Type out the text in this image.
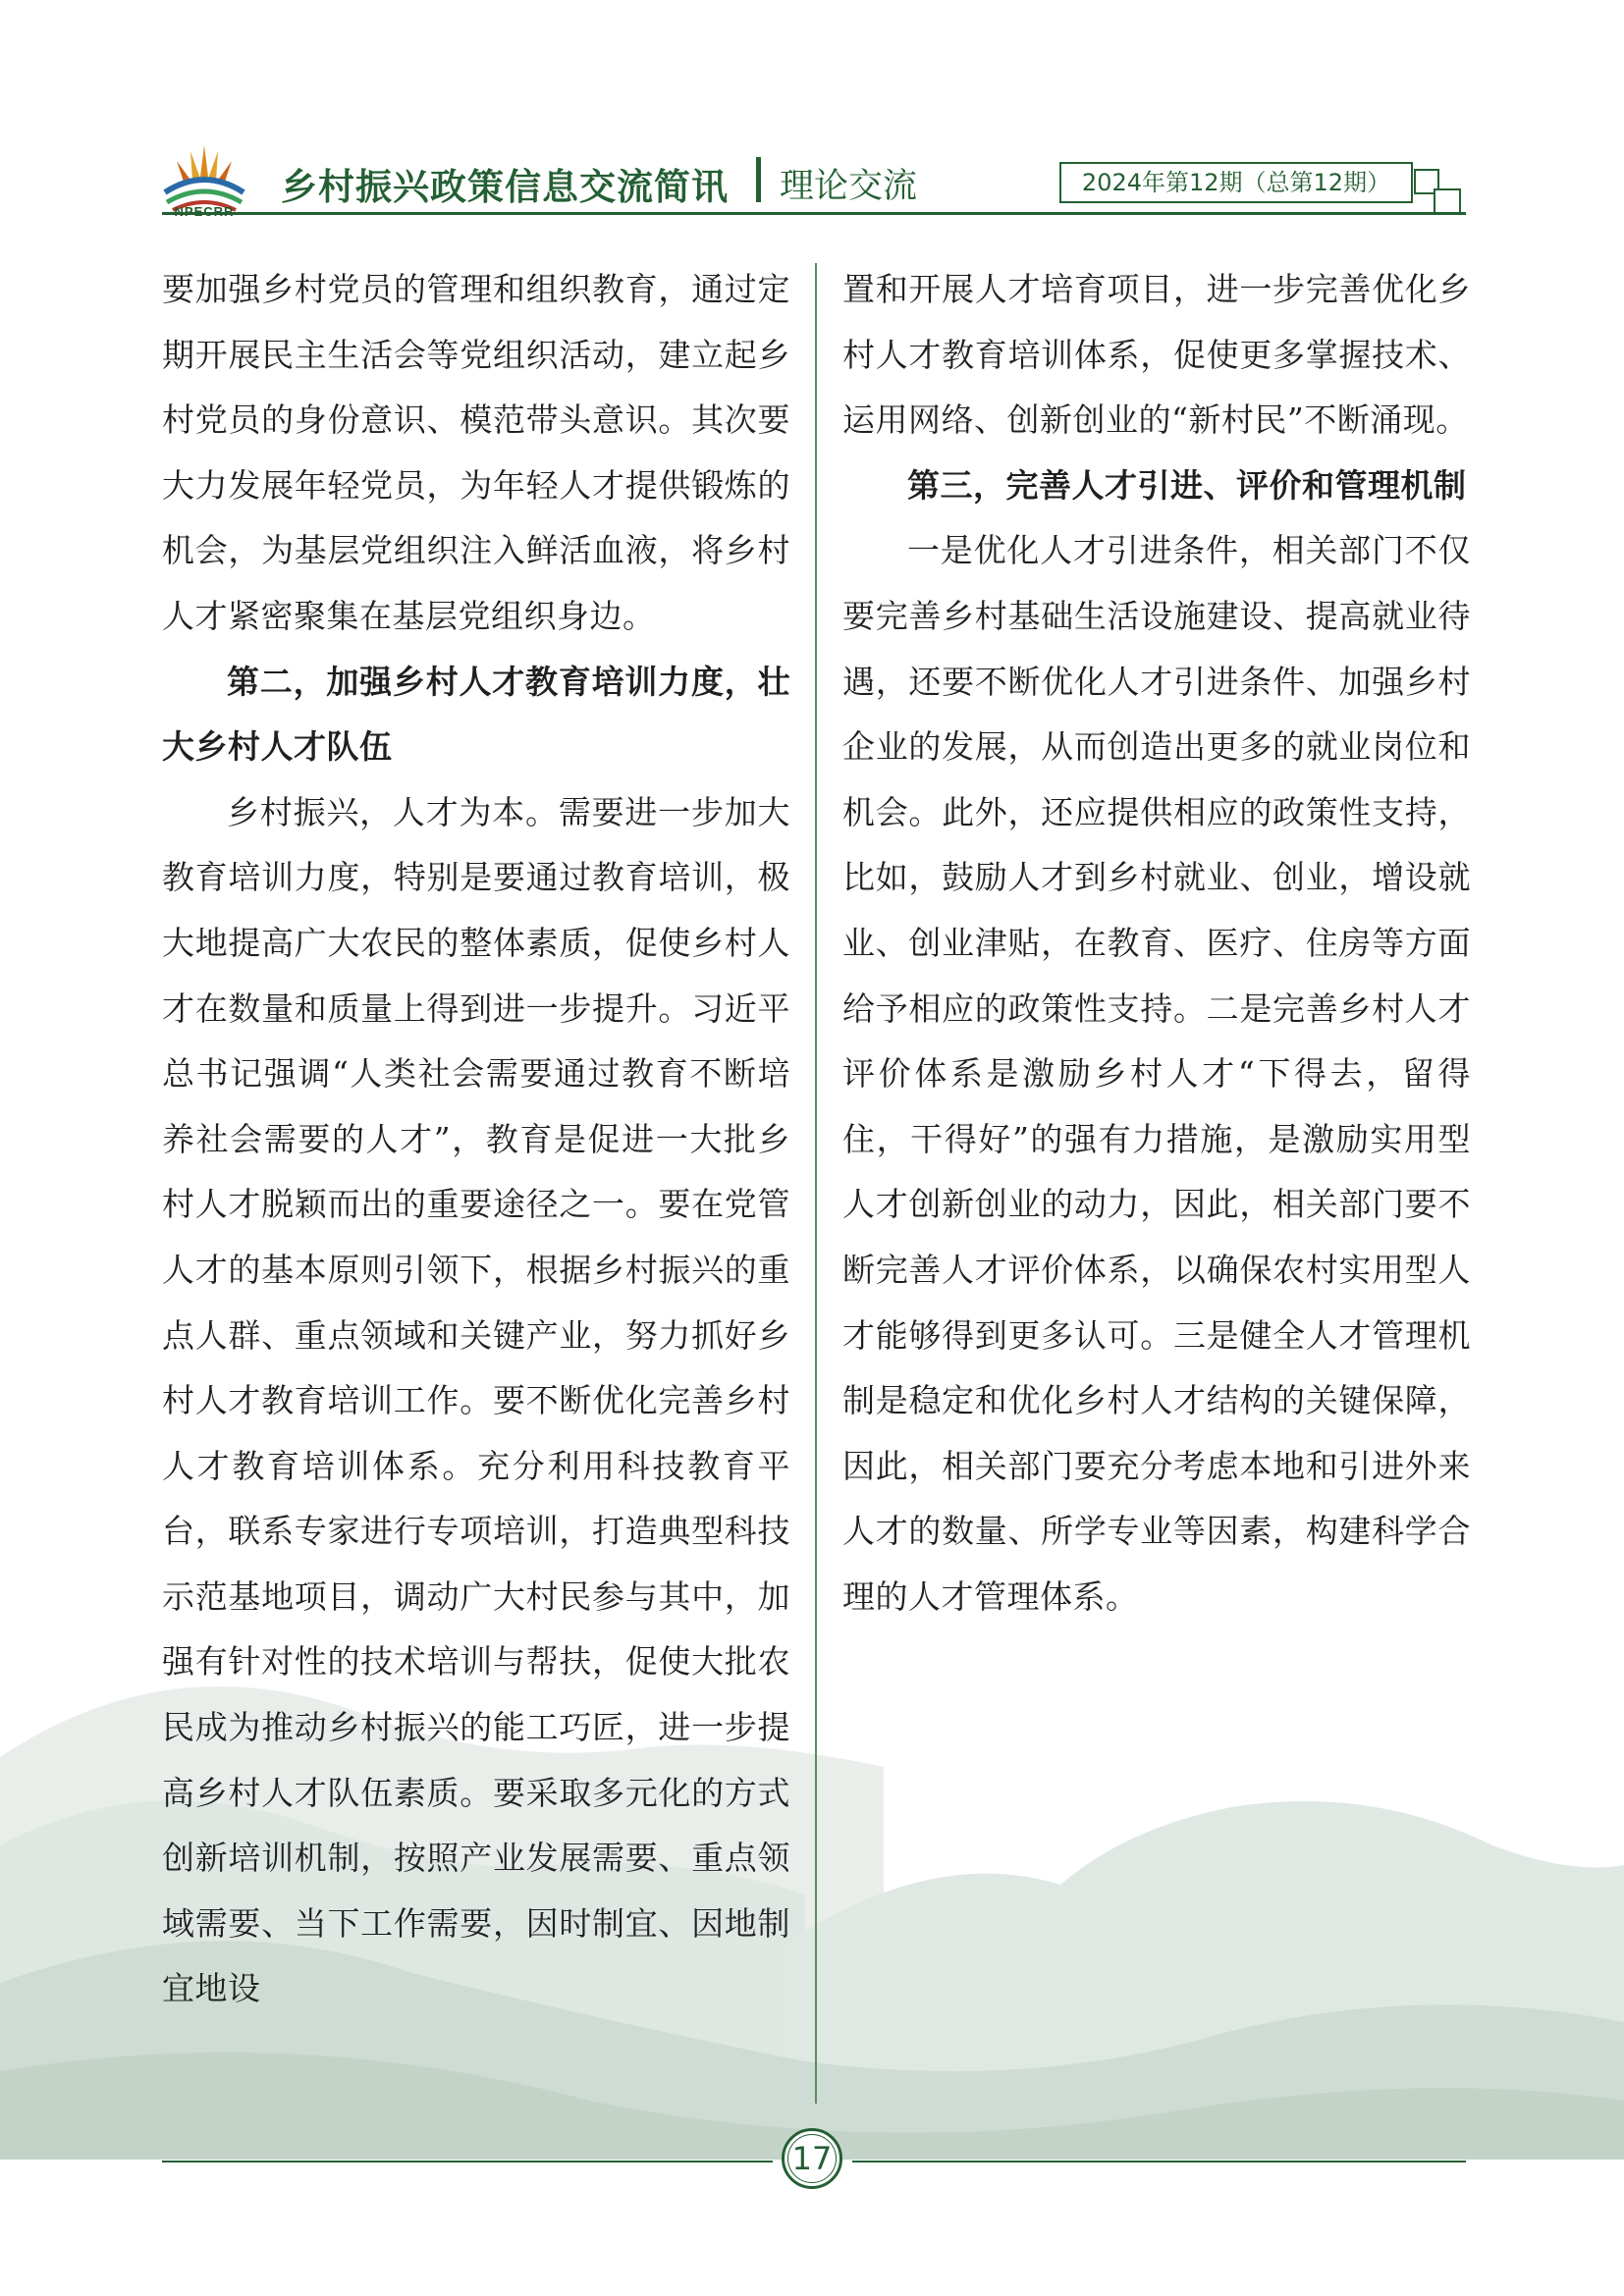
乡村振兴政策信息交流简讯 理论交流	2024年第12期（总第12期）

要加强乡村党员的管理和组织教育，通过定期开展民主生活会等党组织活动，建立起乡村党员的身份意识、模范带头意识。其次要大力发展年轻党员，为年轻人才提供锻炼的机会，为基层党组织注入鲜活血液，将乡村人才紧密聚集在基层党组织身边。

第二，加强乡村人才教育培训力度，壮大乡村人才队伍

乡村振兴，人才为本。需要进一步加大教育培训力度，特别是要通过教育培训，极大地提高广大农民的整体素质，促使乡村人才在数量和质量上得到进一步提升。习近平总书记强调“人类社会需要通过教育不断培养社会需要的人才”，教育是促进一大批乡村人才脱颖而出的重要途径之一。要在党管人才的基本原则引领下，根据乡村振兴的重点人群、重点领域和关键产业，努力抓好乡村人才教育培训工作。要不断优化完善乡村人才教育培训体系。充分利用科技教育平台，联系专家进行专项培训，打造典型科技示范基地项目，调动广大村民参与其中，加强有针对性的技术培训与帮扶，促使大批农民成为推动乡村振兴的能工巧匠，进一步提高乡村人才队伍素质。要采取多元化的方式创新培训机制，按照产业发展需要、重点领域需要、当下工作需要，因时制宜、因地制宜地设

置和开展人才培育项目，进一步完善优化乡村人才教育培训体系，促使更多掌握技术、运用网络、创新创业的“新村民”不断涌现。

第三，完善人才引进、评价和管理机制

一是优化人才引进条件，相关部门不仅要完善乡村基础生活设施建设、提高就业待遇，还要不断优化人才引进条件、加强乡村企业的发展，从而创造出更多的就业岗位和机会。此外，还应提供相应的政策性支持，比如，鼓励人才到乡村就业、创业，增设就业、创业津贴，在教育、医疗、住房等方面给予相应的政策性支持。二是完善乡村人才评价体系是激励乡村人才“下得去，留得住，干得好”的强有力措施，是激励实用型人才创新创业的动力，因此，相关部门要不断完善人才评价体系，以确保农村实用型人才能够得到更多认可。三是健全人才管理机制是稳定和优化乡村人才结构的关键保障，因此，相关部门要充分考虑本地和引进外来人才的数量、所学专业等因素，构建科学合理的人才管理体系。

17
